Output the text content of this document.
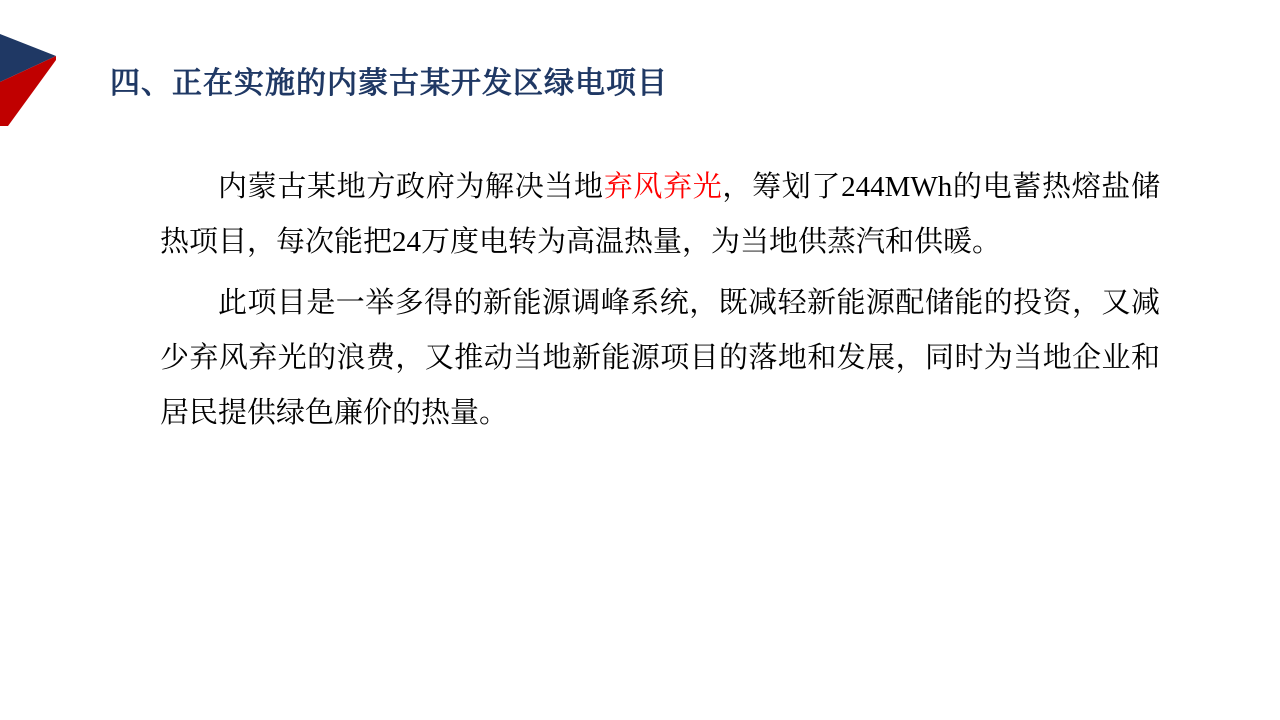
四、正在实施的内蒙古某开发区绿电项目

内蒙古某地方政府为解决当地弃风弃光，筹划了244MWh的电蓄热熔盐储热项目，每次能把24万度电转为高温热量，为当地供蒸汽和供暖。

此项目是一举多得的新能源调峰系统，既减轻新能源配储能的投资，又减少弃风弃光的浪费，又推动当地新能源项目的落地和发展，同时为当地企业和居民提供绿色廉价的热量。
